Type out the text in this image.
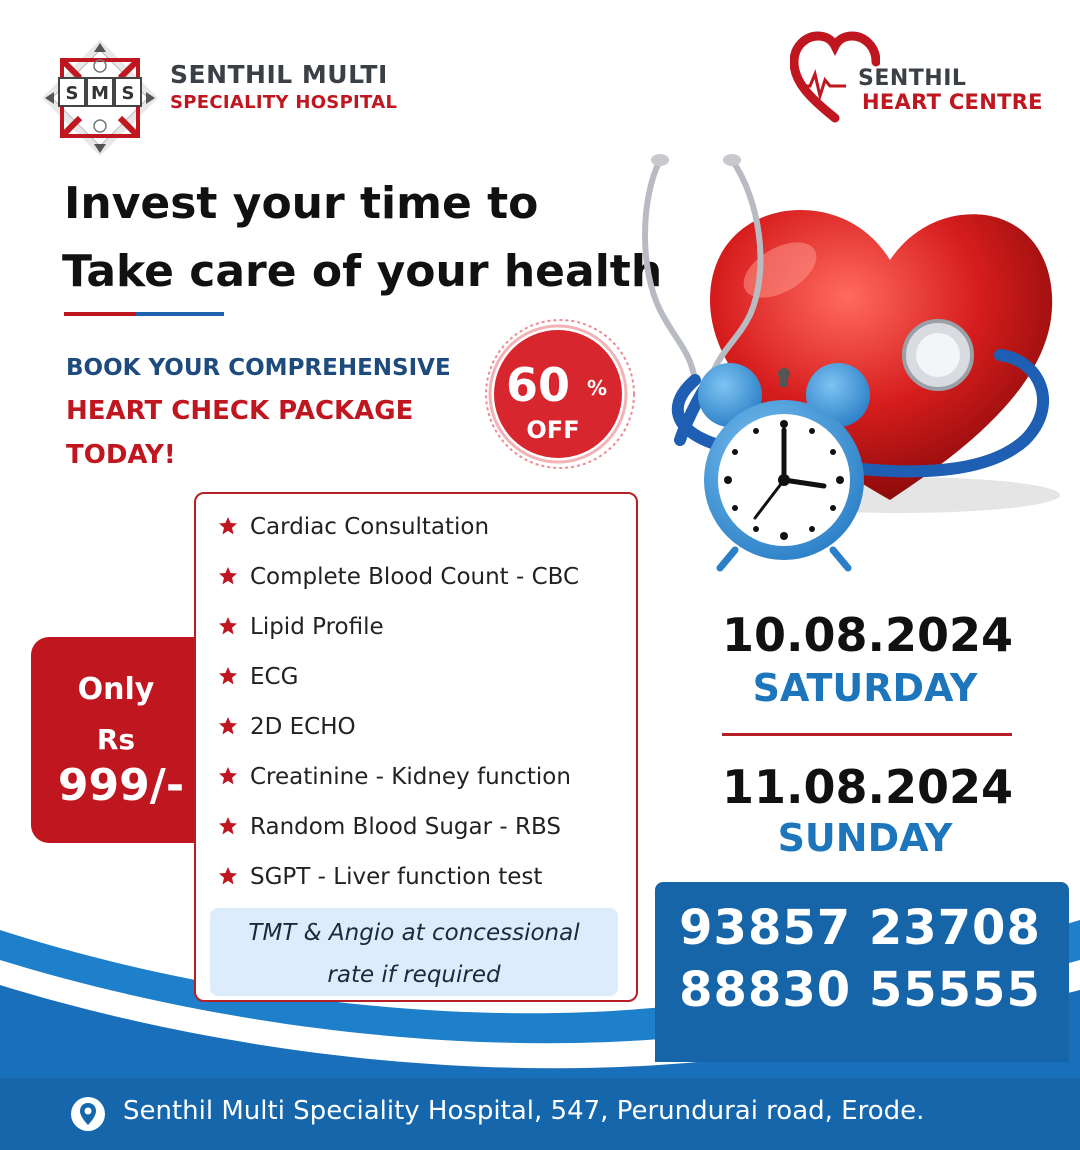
S M S
SENTHIL MULTI
SPECIALITY HOSPITAL
SENTHIL
HEART CENTRE
Invest your time to
Take care of your health
BOOK YOUR COMPREHENSIVE
HEART CHECK PACKAGE
TODAY!
60 %
OFF
Only
Rs
999/-
Cardiac Consultation
Complete Blood Count - CBC
Lipid Profile
ECG
2D ECHO
Creatinine - Kidney function
Random Blood Sugar - RBS
SGPT - Liver function test
TMT & Angio at concessional
rate if required
10.08.2024
SATURDAY
11.08.2024
SUNDAY
93857 23708
88830 55555
Senthil Multi Speciality Hospital, 547, Perundurai road, Erode.
